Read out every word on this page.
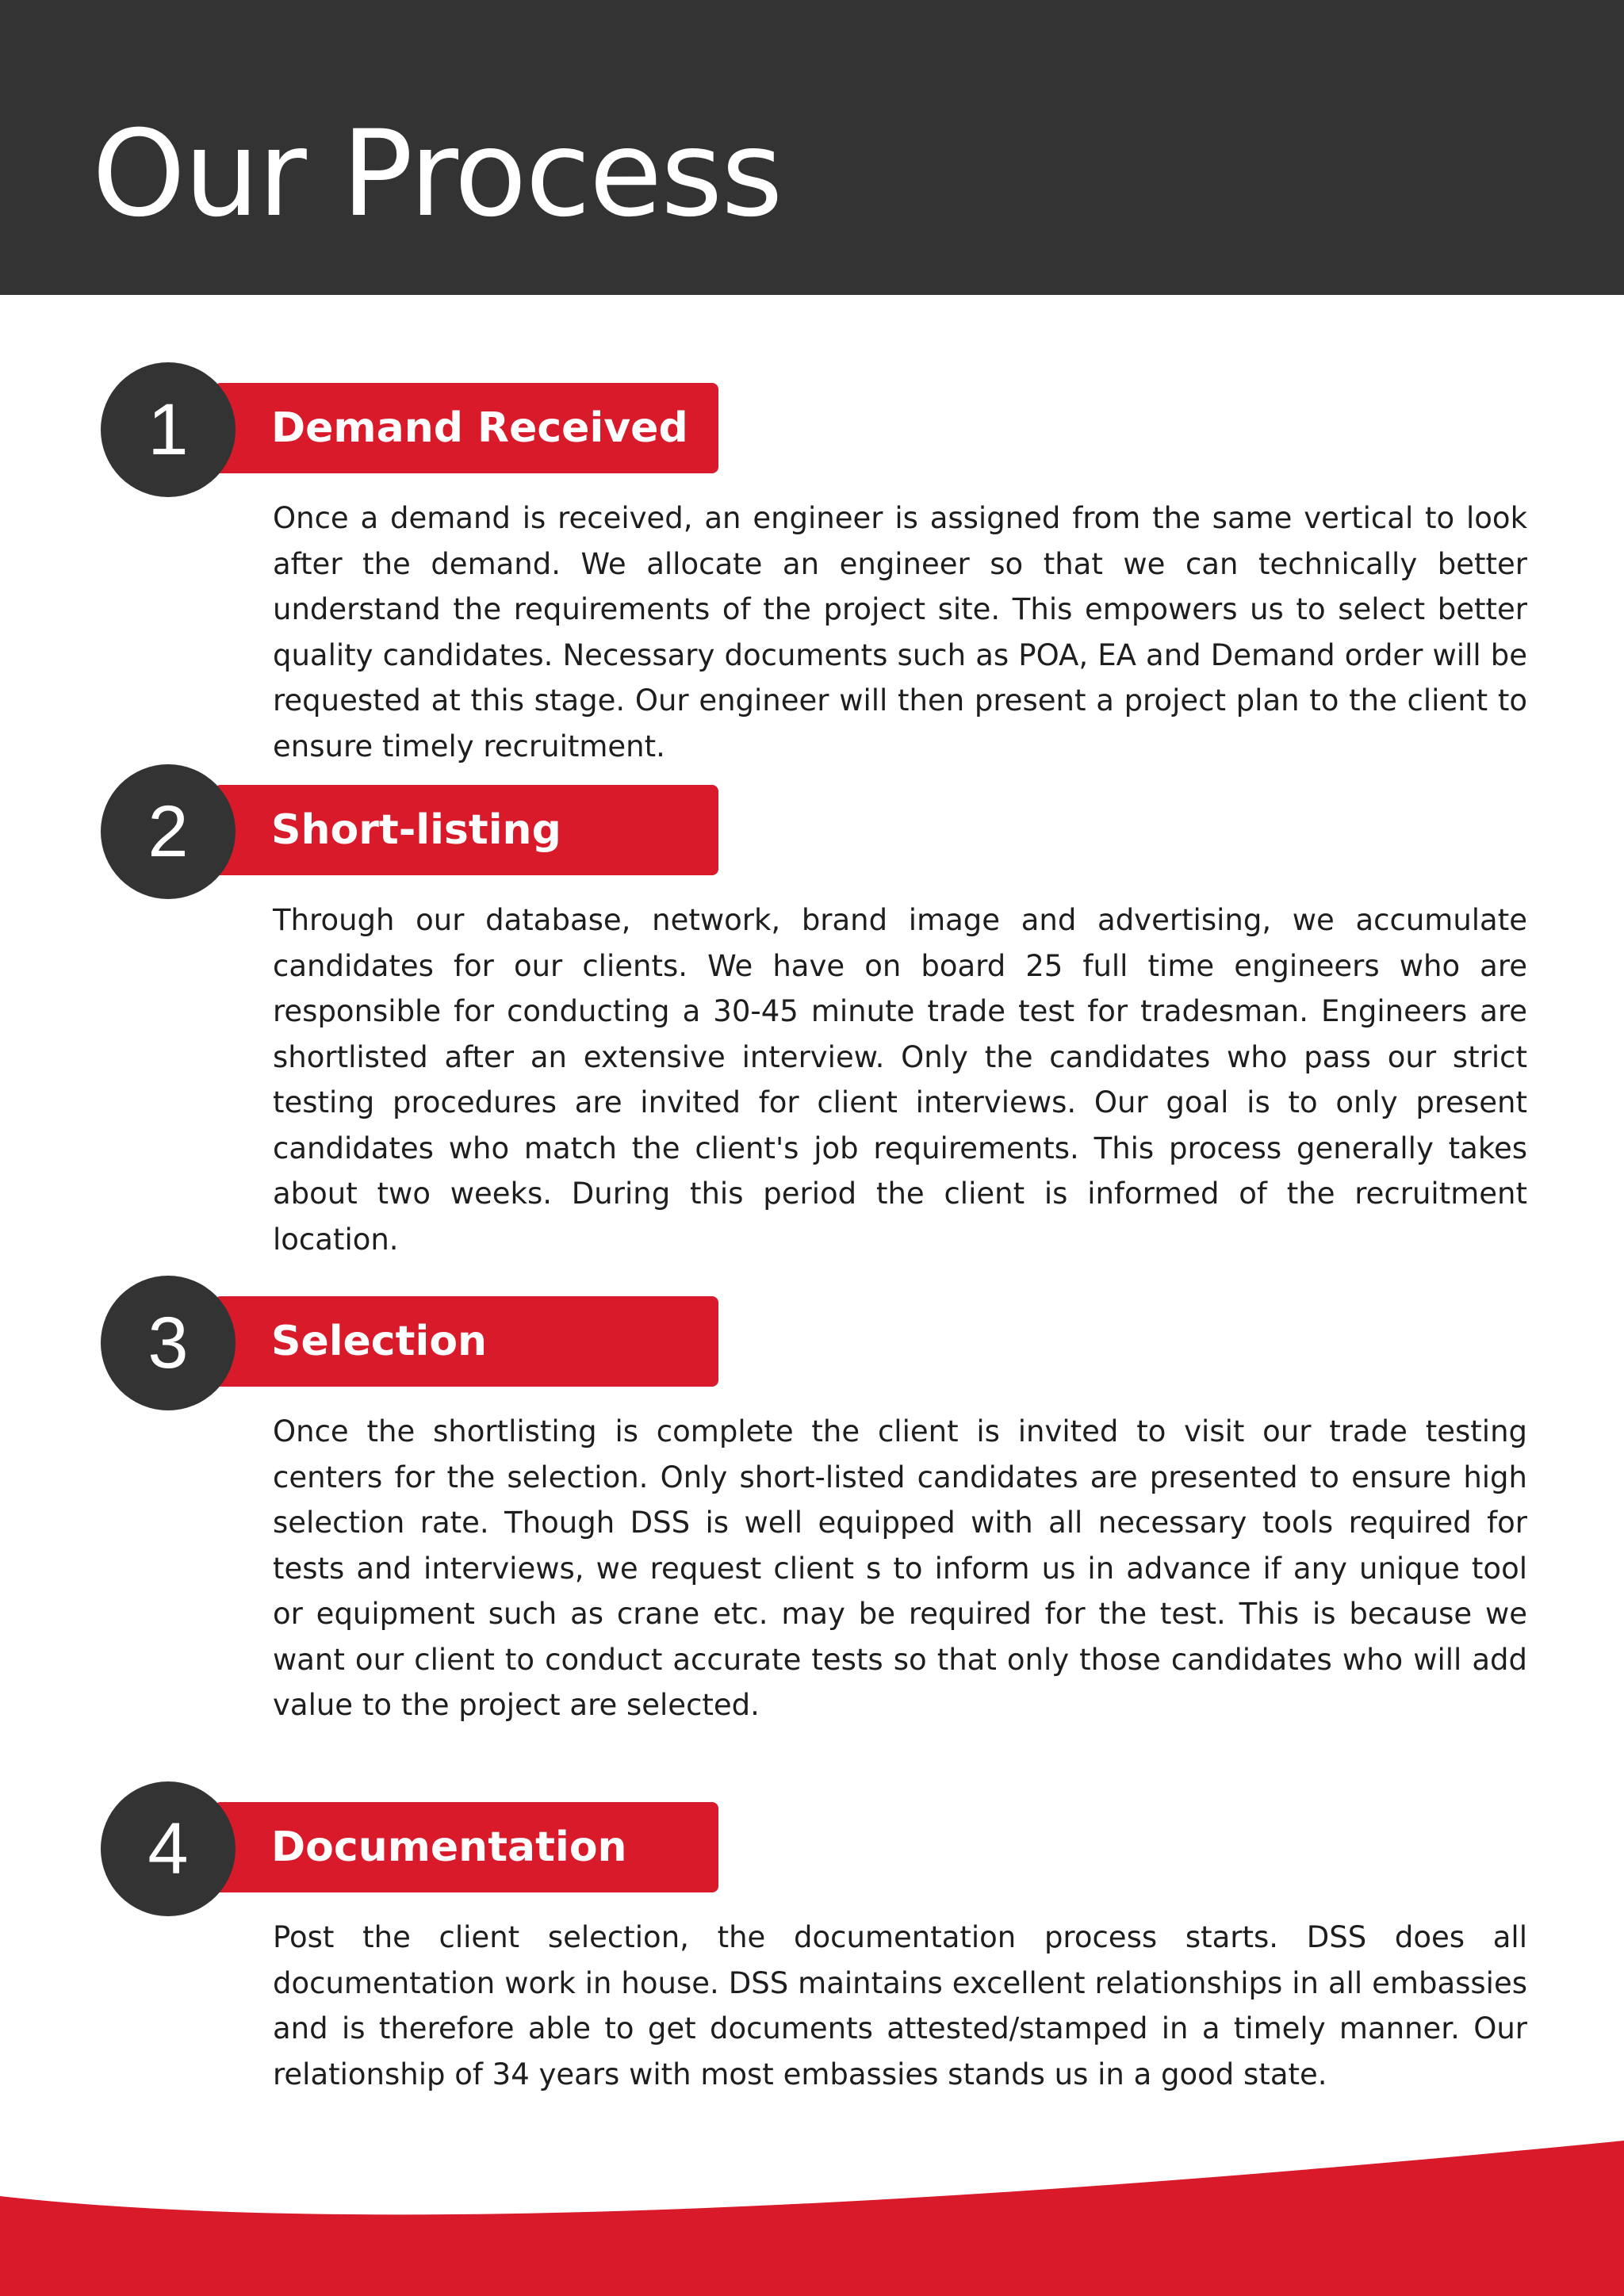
Our Process
Demand Received
1

Once a demand is received, an engineer is assigned from the same vertical to look after the demand. We allocate an engineer so that we can technically better understand the requirements of the project site. This empowers us to select better quality candidates. Necessary documents such as POA, EA and Demand order will be requested at this stage. Our engineer will then present a project plan to the client to ensure timely recruitment.

Short-listing
2

Through our database, network, brand image and advertising, we accumulate candidates for our clients. We have on board 25 full time engineers who are responsible for conducting a 30-45 minute trade test for tradesman. Engineers are shortlisted after an extensive interview. Only the candidates who pass our strict testing procedures are invited for client interviews. Our goal is to only present candidates who match the client's job requirements. This process generally takes about two weeks. During this period the client is informed of the recruitment location.

Selection
3

Once the shortlisting is complete the client is invited to visit our trade testing centers for the selection. Only short-listed candidates are presented to ensure high selection rate. Though DSS is well equipped with all necessary tools required for tests and interviews, we request client s to inform us in advance if any unique tool or equipment such as crane etc. may be required for the test. This is because we want our client to conduct accurate tests so that only those candidates who will add value to the project are selected.

Documentation
4

Post the client selection, the documentation process starts. DSS does all documentation work in house. DSS maintains excellent relationships in all embassies and is therefore able to get documents attested/stamped in a timely manner. Our relationship of 34 years with most embassies stands us in a good state.
